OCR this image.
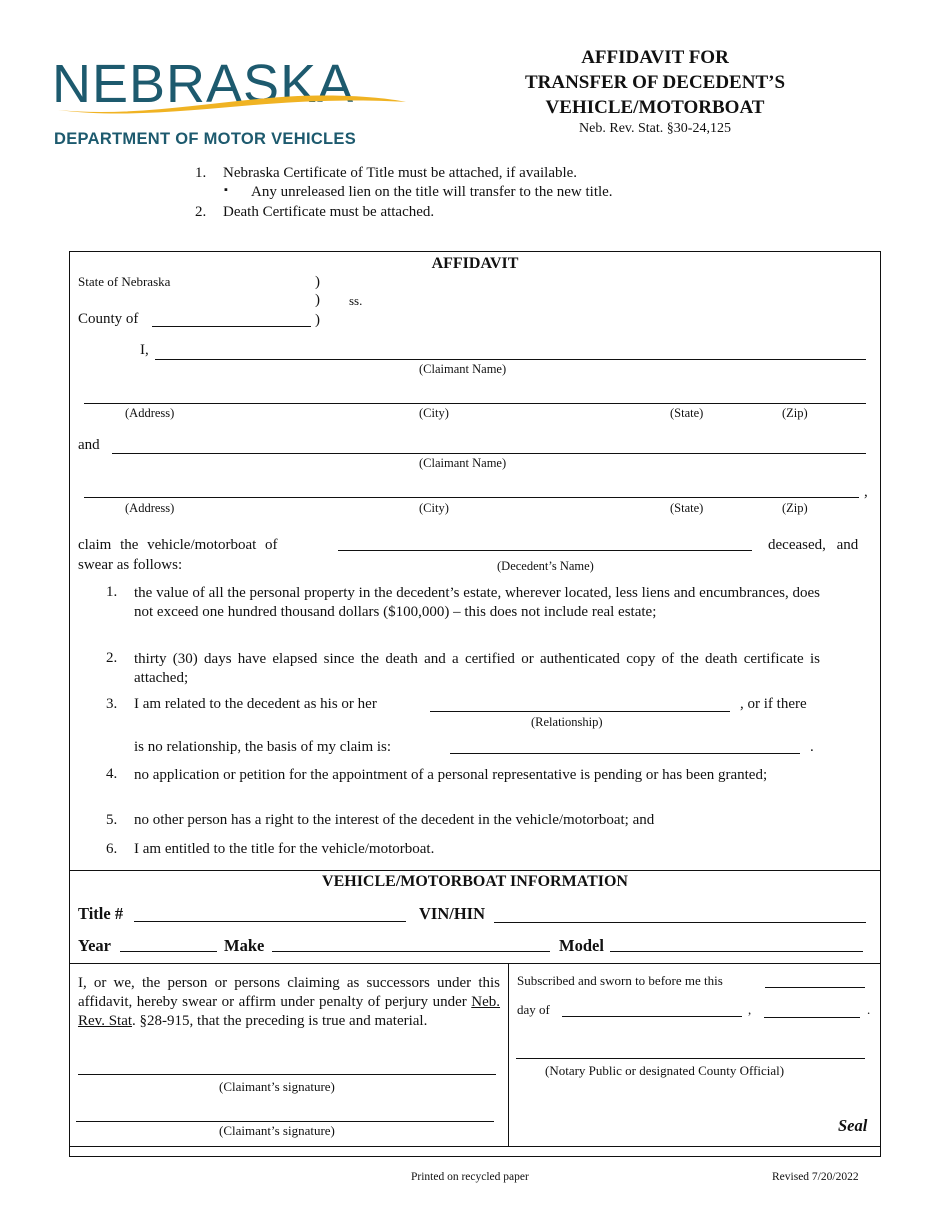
NEBRASKA
DEPARTMENT OF MOTOR VEHICLES
AFFIDAVIT FOR
TRANSFER OF DECEDENT’S
VEHICLE/MOTORBOAT
Neb. Rev. Stat. §30-24,125
1. Nebraska Certificate of Title must be attached, if available.
▪ Any unreleased lien on the title will transfer to the new title.
2. Death Certificate must be attached.
AFFIDAVIT
State of Nebraska	)
) ss.
County of	)
I,
(Claimant Name)
(Address)	(City)	(State)	(Zip)
and
(Claimant Name)
,
(Address)	(City)	(State)	(Zip)
claim the vehicle/motorboat of	deceased, and
swear as follows:	(Decedent’s Name)
1. the value of all the personal property in the decedent’s estate, wherever located, less liens and encumbrances, does not exceed one hundred thousand dollars ($100,000) – this does not include real estate;
2. thirty (30) days have elapsed since the death and a certified or authenticated copy of the death certificate is attached;
3. I am related to the decedent as his or her	, or if there
(Relationship)
is no relationship, the basis of my claim is:	.
4. no application or petition for the appointment of a personal representative is pending or has been granted;
5. no other person has a right to the interest of the decedent in the vehicle/motorboat; and
6. I am entitled to the title for the vehicle/motorboat.
VEHICLE/MOTORBOAT INFORMATION
Title #	VIN/HIN
Year	Make	Model
I, or we, the person or persons claiming as successors under this affidavit, hereby swear or affirm under penalty of perjury under Neb. Rev. Stat. §28-915, that the preceding is true and material.
(Claimant’s signature)
(Claimant’s signature)
Subscribed and sworn to before me this
day of	,	.
(Notary Public or designated County Official)
Seal
Printed on recycled paper	Revised 7/20/2022
